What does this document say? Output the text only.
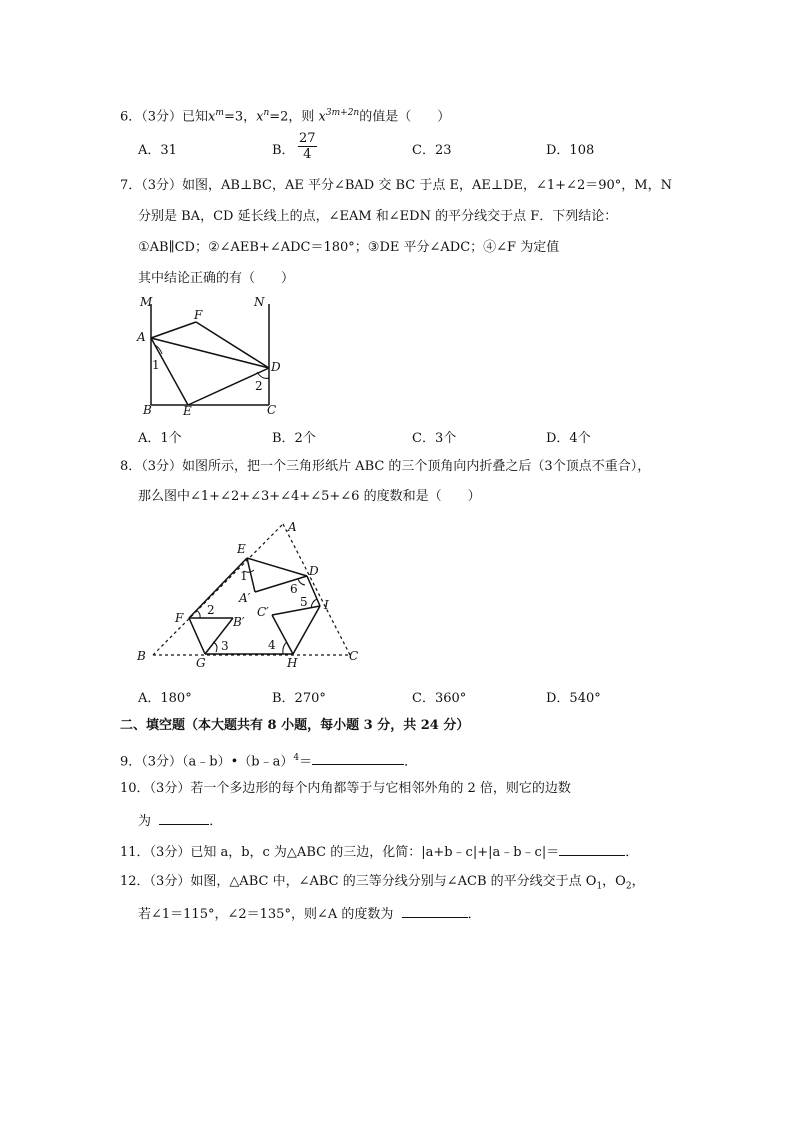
6．（3分）已知$x^m=3$，$x^n=2$，则 $x^{3m+2n}$的值是（　　）
A．31	B． $\frac{27}{4}$	C．23	D．108
7．（3分）如图，AB⊥BC，AE 平分∠BAD 交 BC 于点 E，AE⊥DE，∠1+∠2＝90°，M，N
分别是 BA，CD 延长线上的点，∠EAM 和∠EDN 的平分线交于点 F．下列结论：
①AB∥CD；②∠AEB+∠ADC＝180°；③DE 平分∠ADC；④∠F 为定值
其中结论正确的有（　　）
M	N
A
F
D
B	E	C
1
2
A．1个	B．2个	C．3个	D．4个
8．（3分）如图所示，把一个三角形纸片 ABC 的三个顶角向内折叠之后（3个顶点不重合），
那么图中∠1+∠2+∠3+∠4+∠5+∠6 的度数和是（　　）
A
E
D
A′
C′	I
F	B′
B	G	H	C
1
2
3	4
5
6
A．180°	B．270°	C．360°	D．540°
二、填空题（本大题共有 8 小题，每小题 3 分，共 24 分）
9．（3分）（a﹣b）•（b﹣a）$^4$＝	．
10．（3分）若一个多边形的每个内角都等于与它相邻外角的 2 倍，则它的边数
为	．
11．（3分）已知 a，b，c 为△ABC 的三边，化简：|a+b﹣c|+|a﹣b﹣c|＝	．
12．（3分）如图，△ABC 中，∠ABC 的三等分线分别与∠ACB 的平分线交于点 $O_1$，$O_2$，
若∠1＝115°，∠2＝135°，则∠A 的度数为	．
